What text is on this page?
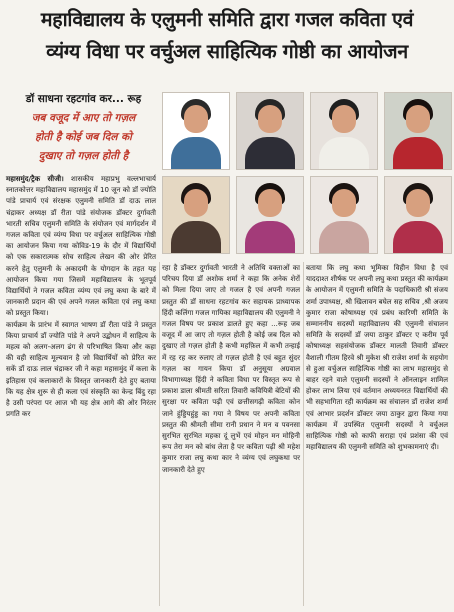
महाविद्यालय के एलुमनी समिति द्वारा गजल कविता एवं
व्यंग्य विधा पर वर्चुअल साहित्यिक गोष्ठी का आयोजन
डॉ साधना रहटगांव कर... रूह
जब वजूद में आए तो गज़ल
होती है कोई जब दिल को
दुखाए तो गज़ल होती है
महासमुंद/ट्रैक सीजी। शासकीय महाप्रभु वल्लभाचार्य स्नातकोत्तर महाविद्यालय महासमुंद में 10 जून को डॉ ज्योति पांडे प्राचार्य एवं संरक्षक एलुमनी समिति डॉ दाऊ लाल चंद्राकर अध्यक्ष डॉ रीता पांडे संयोजक डॉक्टर दुर्गावती भारती सचिव एलुमनी समिति के संयोजन एवं मार्गदर्शन में गजल कविता एवं व्यंग्य विधा पर वर्चुअल साहित्यिक गोष्ठी का आयोजन किया गया कोविड-19 के दौर में विद्यार्थियों को एक सकारात्मक सोच साहित्य लेखन की ओर प्रेरित करने हेतु एलुमनी के अकादमी के योगदान के तहत यह आयोजन किया गया जिसमें महाविद्यालय के भूतपूर्व विद्यार्थियों ने गजल कविता व्यंग्य एवं लघु कथा के बारे में जानकारी प्रदान की एवं अपने गजल कविता एवं लघु कथा को प्रस्तुत किया।
कार्यक्रम के प्रारंभ में स्वागत भाषण डॉ रीता पांडे ने प्रस्तुत किया प्राचार्य डॉ ज्योति पांडे ने अपने उद्बोधन में साहित्य के महत्व को अलग-अलग ढंग से परिभाषित किया और कहा की वही साहित्य मूल्यवान है जो विद्यार्थियों को प्रेरित कर सकें डॉ दाऊ लाल चंद्राकर जी ने कहा महासमुंद में कला के इतिहास एवं कलाकारों के विस्तृत जानकारी देते हुए बताया कि यह क्षेत्र शुरू से ही कला एवं संस्कृति का केन्द्र बिंदु रहा है उसी परंपरा पर आज भी यह क्षेत्र आगे की ओर निरंतर प्रगति कर
रहा है डॉक्टर दुर्गावती भारती ने अतिथि वक्ताओं का परिचय दिया डॉ अशोक शर्मा ने कहा कि अनेक शेरों को मिला दिया जाए तो गजल है एवं अपनी गजल प्रस्तुत की डॉ साधना रहटगांव कर सहायक प्राध्यापक हिंदी कलिंगा गजल गायिका महाविद्यालय की एलुमनी ने गजल विषय पर प्रकाश डालते हुए कहा ...रूह जब वजूद में आ जाए तो गज़ल होती है कोई जब दिल को दुखाए तो गज़ल होती है कभी महफ़िल में कभी तन्हाई में रह रह कर रुलाए तो गज़ल होती है एवं बहुत सुंदर गज़ल का गायन किया डॉ अनुसूया अग्रवाल विभागाध्यक्ष हिंदी ने कविता विधा पर विस्तृत रूप से प्रकाश डाला श्रीमती सरिता तिवारी कवियित्री बेटियों की सुरक्षा पर कविता पढ़ी एवं छत्तीसगढ़ी कविता कोन जाने हुंड्डियहुंड्ड का गया ने विषय पर अपनी कविता प्रस्तुत की श्रीमती सीमा रानी प्रधान ने मन व पवनसा सुरभित सुरभित महका दूं लुभें एवं मोहन मन मोहिनी रूप तेरा मन को बांध लेता है पर कविता पढ़ी श्री महेश कुमार राजा लघु कथा कार ने व्यंग्य एवं लघुकथा पर जानकारी देते हुए
बताया कि लघु कथा भूमिका विहीन विधा है एवं याददाश्त शीर्षक पर अपनी लघु कथा प्रस्तुत की कार्यक्रम के आयोजन में एलुमनी समिति के पदाधिकारी श्री संजय शर्मा उपाध्यक्ष, श्री खिलावन बघेल सह सचिव ,श्री अजय कुमार राजा कोषाध्यक्ष एवं प्रबंध कारिणी समिति के सम्माननीय सदस्यों महाविद्यालय की एलुमनी संचालन समिति के सदस्यों डॉ जया ठाकुर डॉक्टर ए करीम पूर्व कोषाध्यक्ष सहसंयोजक डॉक्टर मालती तिवारी डॉक्टर वैशाली गीतम हिरवे श्री मुकेश श्री राजेश शर्मा के सहयोग से हुआ वर्चुअल साहित्यिक गोष्ठी का लाभ महासमुंद से बाहर रहने वाले एलुमनी सदस्यों ने ऑनलाइन शामिल होकर लाभ लिया एवं वर्तमान अध्ययनरत विद्यार्थियों की भी सहभागिता रही कार्यक्रम का संचालन डॉ राजेश शर्मा एवं आभार प्रदर्शन डॉक्टर जया ठाकुर द्वारा किया गया कार्यक्रम में उपस्थित एलुमनी सदस्यों ने वर्चुअल साहित्यिक गोष्ठी को काफी सराहा एवं प्रशंसा की एवं महाविद्यालय की एलुमनी समिति को शुभकामनाएं दी।
